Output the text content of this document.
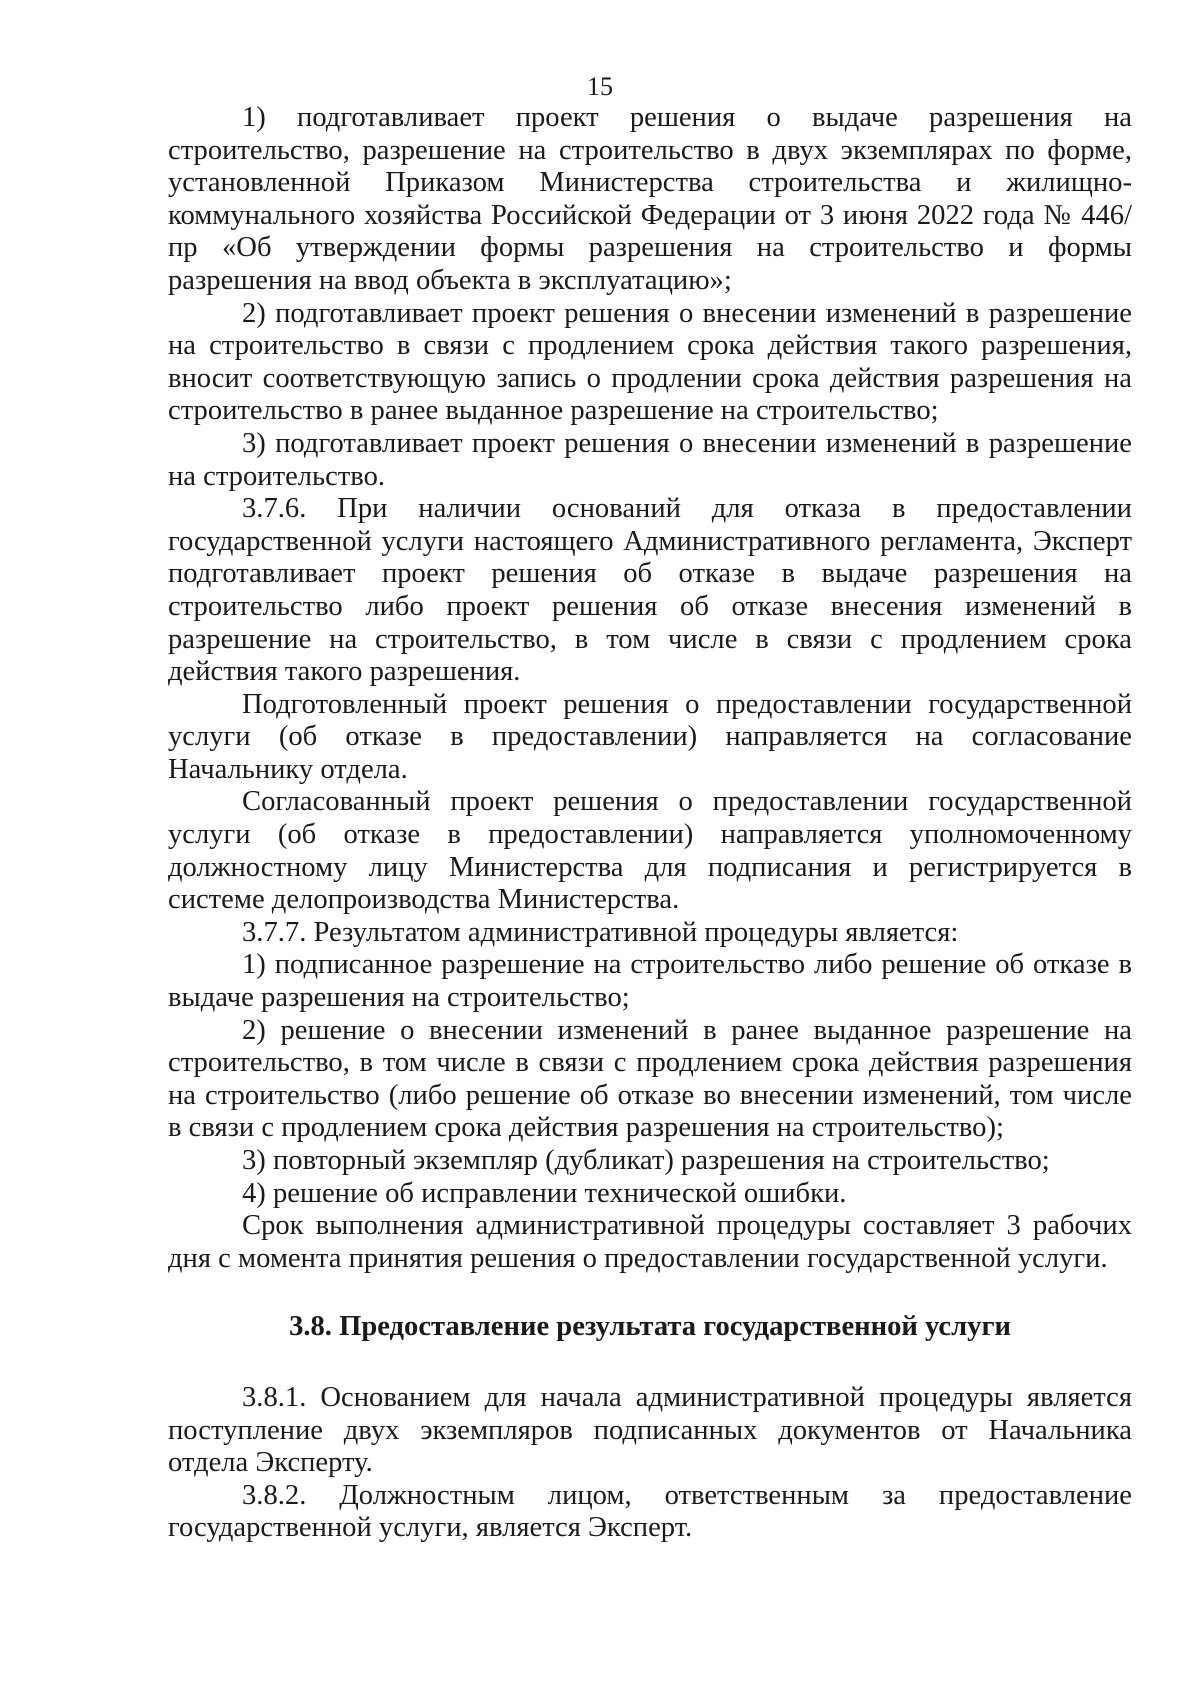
15

1) подготавливает проект решения о выдаче разрешения на строительство, разрешение на строительство в двух экземплярах по форме, установленной Приказом Министерства строительства и жилищно-коммунального хозяйства Российской Федерации от 3 июня 2022 года № 446/пр «Об утверждении формы разрешения на строительство и формы разрешения на ввод объекта в эксплуатацию»;

2) подготавливает проект решения о внесении изменений в разрешение на строительство в связи с продлением срока действия такого разрешения, вносит соответствующую запись о продлении срока действия разрешения на строительство в ранее выданное разрешение на строительство;

3) подготавливает проект решения о внесении изменений в разрешение на строительство.

3.7.6. При наличии оснований для отказа в предоставлении государственной услуги настоящего Административного регламента, Эксперт подготавливает проект решения об отказе в выдаче разрешения на строительство либо проект решения об отказе внесения изменений в разрешение на строительство, в том числе в связи с продлением срока действия такого разрешения.

Подготовленный проект решения о предоставлении государственной услуги (об отказе в предоставлении) направляется на согласование Начальнику отдела.

Согласованный проект решения о предоставлении государственной услуги (об отказе в предоставлении) направляется уполномоченному должностному лицу Министерства для подписания и регистрируется в системе делопроизводства Министерства.

3.7.7. Результатом административной процедуры является:

1) подписанное разрешение на строительство либо решение об отказе в выдаче разрешения на строительство;

2) решение о внесении изменений в ранее выданное разрешение на строительство, в том числе в связи с продлением срока действия разрешения на строительство (либо решение об отказе во внесении изменений, том числе в связи с продлением срока действия разрешения на строительство);

3) повторный экземпляр (дубликат) разрешения на строительство;

4) решение об исправлении технической ошибки.

Срок выполнения административной процедуры составляет 3 рабочих дня с момента принятия решения о предоставлении государственной услуги.

3.8. Предоставление результата государственной услуги

3.8.1. Основанием для начала административной процедуры является поступление двух экземпляров подписанных документов от Начальника отдела Эксперту.

3.8.2. Должностным лицом, ответственным за предоставление государственной услуги, является Эксперт.
